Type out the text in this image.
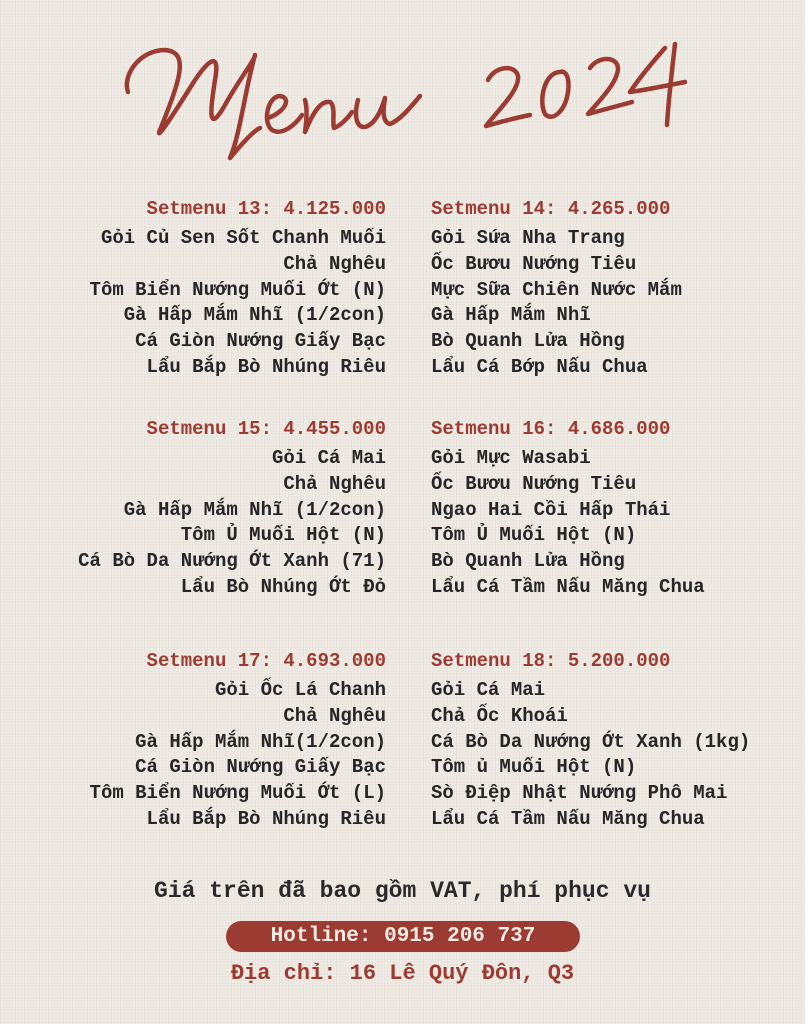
Setmenu 13: 4.125.000
Gỏi Củ Sen Sốt Chanh Muối
Chả Nghêu
Tôm Biển Nướng Muối Ớt (N)
Gà Hấp Mắm Nhĩ (1/2con)
Cá Giòn Nướng Giấy Bạc
Lẩu Bắp Bò Nhúng Riêu
Setmenu 14: 4.265.000
Gỏi Sứa Nha Trang
Ốc Bươu Nướng Tiêu
Mực Sữa Chiên Nước Mắm
Gà Hấp Mắm Nhĩ
Bò Quanh Lửa Hồng
Lẩu Cá Bớp Nấu Chua
Setmenu 15: 4.455.000
Gỏi Cá Mai
Chả Nghêu
Gà Hấp Mắm Nhĩ (1/2con)
Tôm Ủ Muối Hột (N)
Cá Bò Da Nướng Ớt Xanh (71)
Lẩu Bò Nhúng Ớt Đỏ
Setmenu 16: 4.686.000
Gỏi Mực Wasabi
Ốc Bươu Nướng Tiêu
Ngao Hai Cồi Hấp Thái
Tôm Ủ Muối Hột (N)
Bò Quanh Lửa Hồng
Lẩu Cá Tầm Nấu Măng Chua
Setmenu 17: 4.693.000
Gỏi Ốc Lá Chanh
Chả Nghêu
Gà Hấp Mắm Nhĩ(1/2con)
Cá Giòn Nướng Giấy Bạc
Tôm Biển Nướng Muối Ớt (L)
Lẩu Bắp Bò Nhúng Riêu
Setmenu 18: 5.200.000
Gỏi Cá Mai
Chả Ốc Khoái
Cá Bò Da Nướng Ớt Xanh (1kg)
Tôm ủ Muối Hột (N)
Sò Điệp Nhật Nướng Phô Mai
Lẩu Cá Tầm Nấu Măng Chua
Giá trên đã bao gồm VAT, phí phục vụ
Hotline: 0915 206 737
Địa chỉ: 16 Lê Quý Đôn, Q3
